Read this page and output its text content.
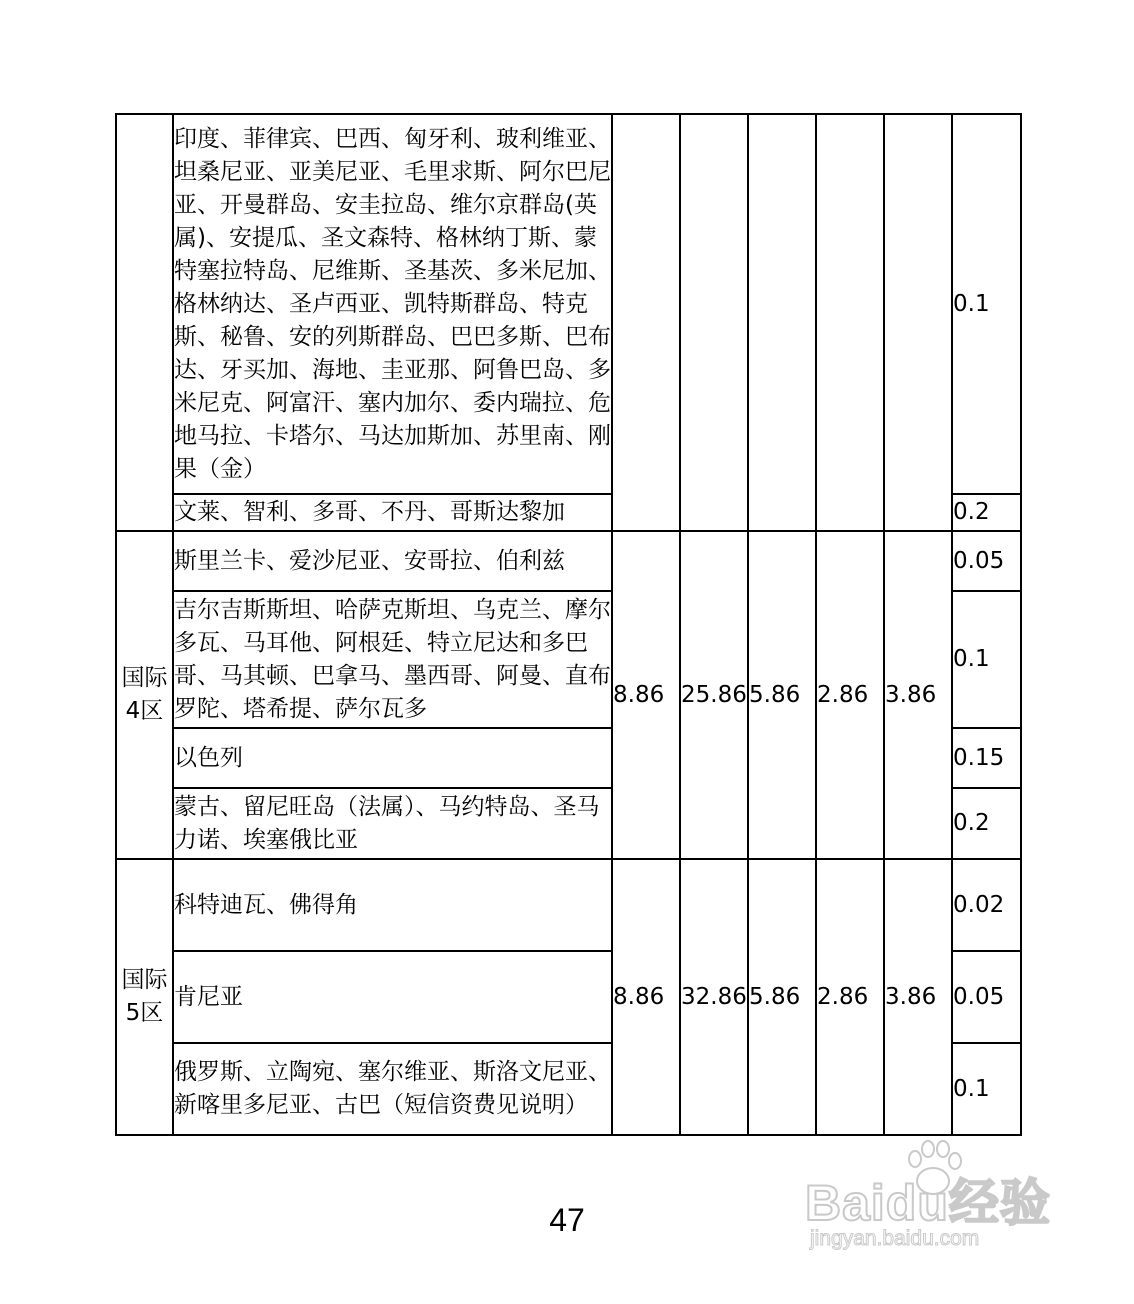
	印度、菲律宾、巴西、匈牙利、玻利维亚、坦桑尼亚、亚美尼亚、毛里求斯、阿尔巴尼亚、开曼群岛、安圭拉岛、维尔京群岛(英属)、安提瓜、圣文森特、格林纳丁斯、蒙特塞拉特岛、尼维斯、圣基茨、多米尼加、格林纳达、圣卢西亚、凯特斯群岛、特克斯、秘鲁、安的列斯群岛、巴巴多斯、巴布达、牙买加、海地、圭亚那、阿鲁巴岛、多米尼克、阿富汗、塞内加尔、委内瑞拉、危地马拉、卡塔尔、马达加斯加、苏里南、刚果（金）						0.1
	文莱、智利、多哥、不丹、哥斯达黎加						0.2
国际4区	斯里兰卡、爱沙尼亚、安哥拉、伯利兹	8.86	25.86	5.86	2.86	3.86	0.05
	吉尔吉斯斯坦、哈萨克斯坦、乌克兰、摩尔多瓦、马耳他、阿根廷、特立尼达和多巴哥、马其顿、巴拿马、墨西哥、阿曼、直布罗陀、塔希提、萨尔瓦多						0.1
	以色列						0.15
	蒙古、留尼旺岛（法属）、马约特岛、圣马力诺、埃塞俄比亚						0.2
国际5区	科特迪瓦、佛得角	8.86	32.86	5.86	2.86	3.86	0.02
	肯尼亚						0.05
	俄罗斯、立陶宛、塞尔维亚、斯洛文尼亚、新喀里多尼亚、古巴（短信资费见说明）						0.1
47	Baidu经验
jingyan.baidu.com
